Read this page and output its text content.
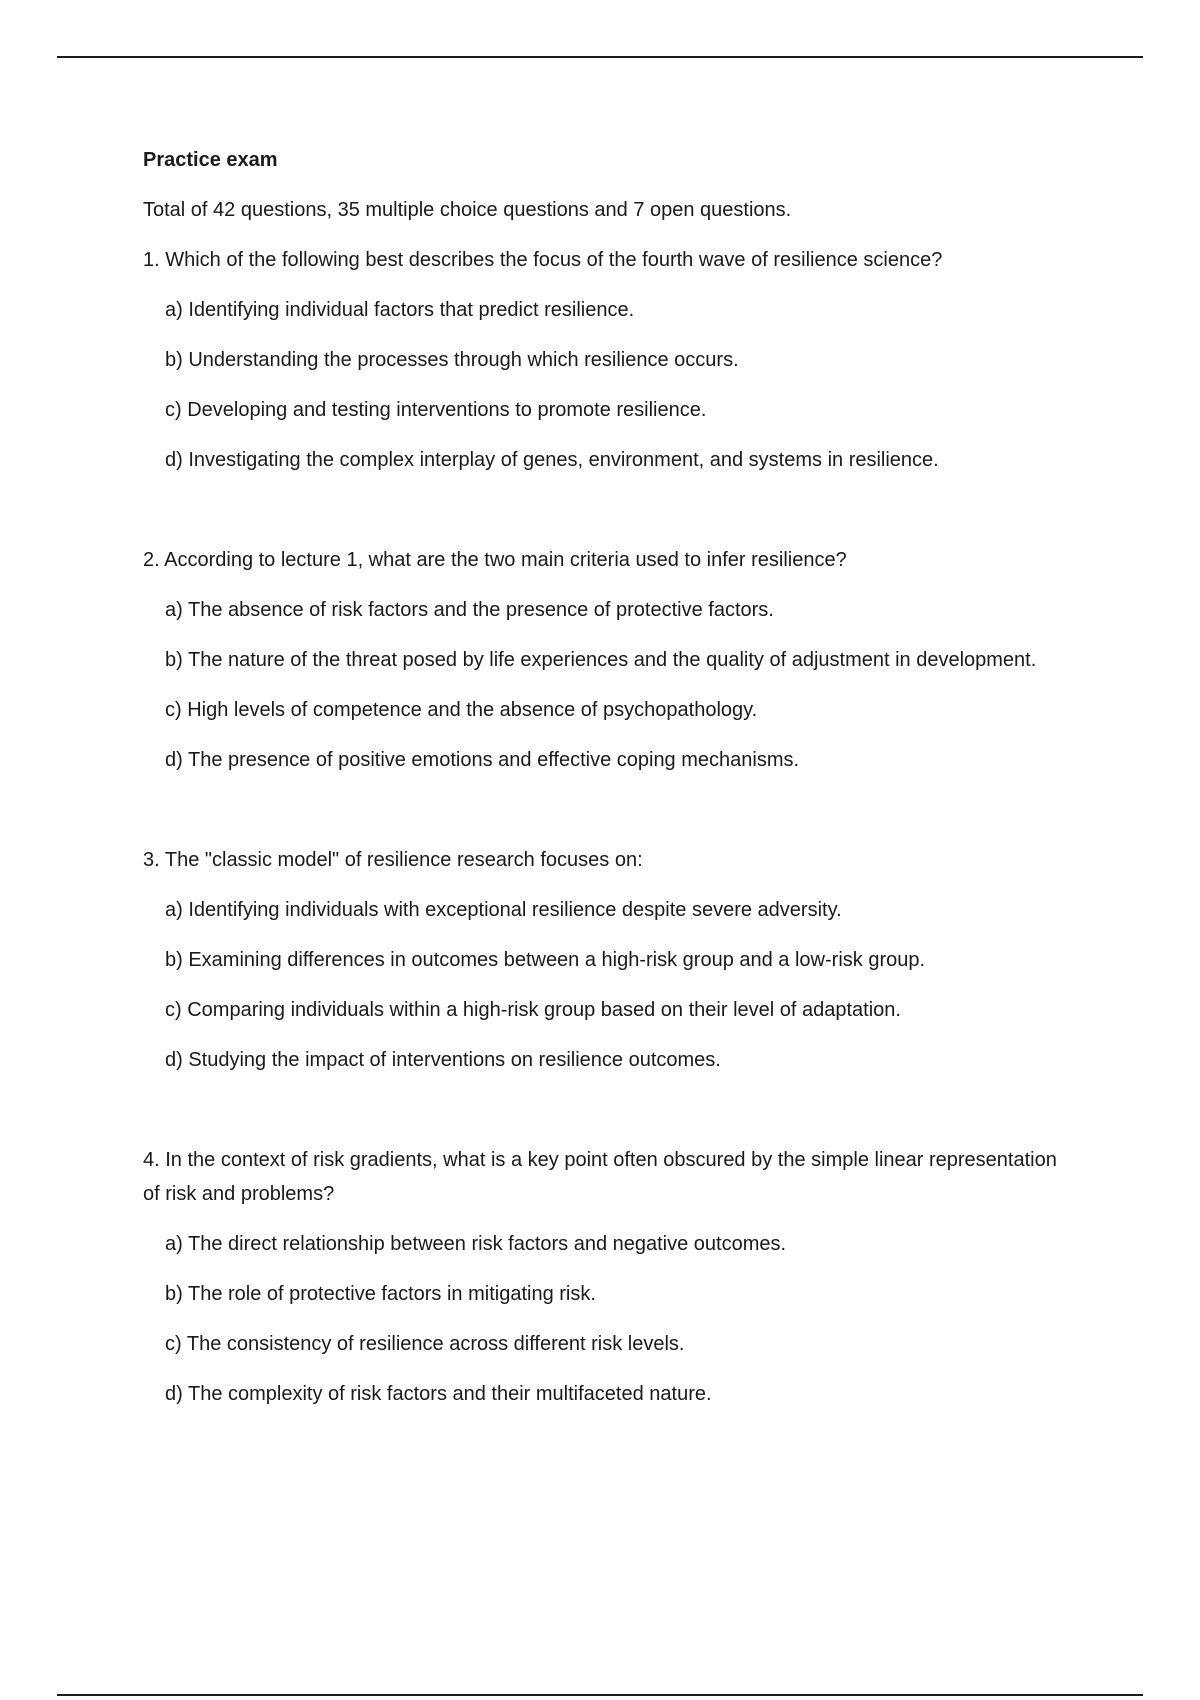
Practice exam
Total of 42 questions, 35 multiple choice questions and 7 open questions.
1. Which of the following best describes the focus of the fourth wave of resilience science?
a) Identifying individual factors that predict resilience.
b) Understanding the processes through which resilience occurs.
c) Developing and testing interventions to promote resilience.
d) Investigating the complex interplay of genes, environment, and systems in resilience.
2. According to lecture 1, what are the two main criteria used to infer resilience?
a) The absence of risk factors and the presence of protective factors.
b) The nature of the threat posed by life experiences and the quality of adjustment in development.
c) High levels of competence and the absence of psychopathology.
d) The presence of positive emotions and effective coping mechanisms.
3. The "classic model" of resilience research focuses on:
a) Identifying individuals with exceptional resilience despite severe adversity.
b) Examining differences in outcomes between a high-risk group and a low-risk group.
c) Comparing individuals within a high-risk group based on their level of adaptation.
d) Studying the impact of interventions on resilience outcomes.
4. In the context of risk gradients, what is a key point often obscured by the simple linear representation of risk and problems?
a) The direct relationship between risk factors and negative outcomes.
b) The role of protective factors in mitigating risk.
c) The consistency of resilience across different risk levels.
d) The complexity of risk factors and their multifaceted nature.
